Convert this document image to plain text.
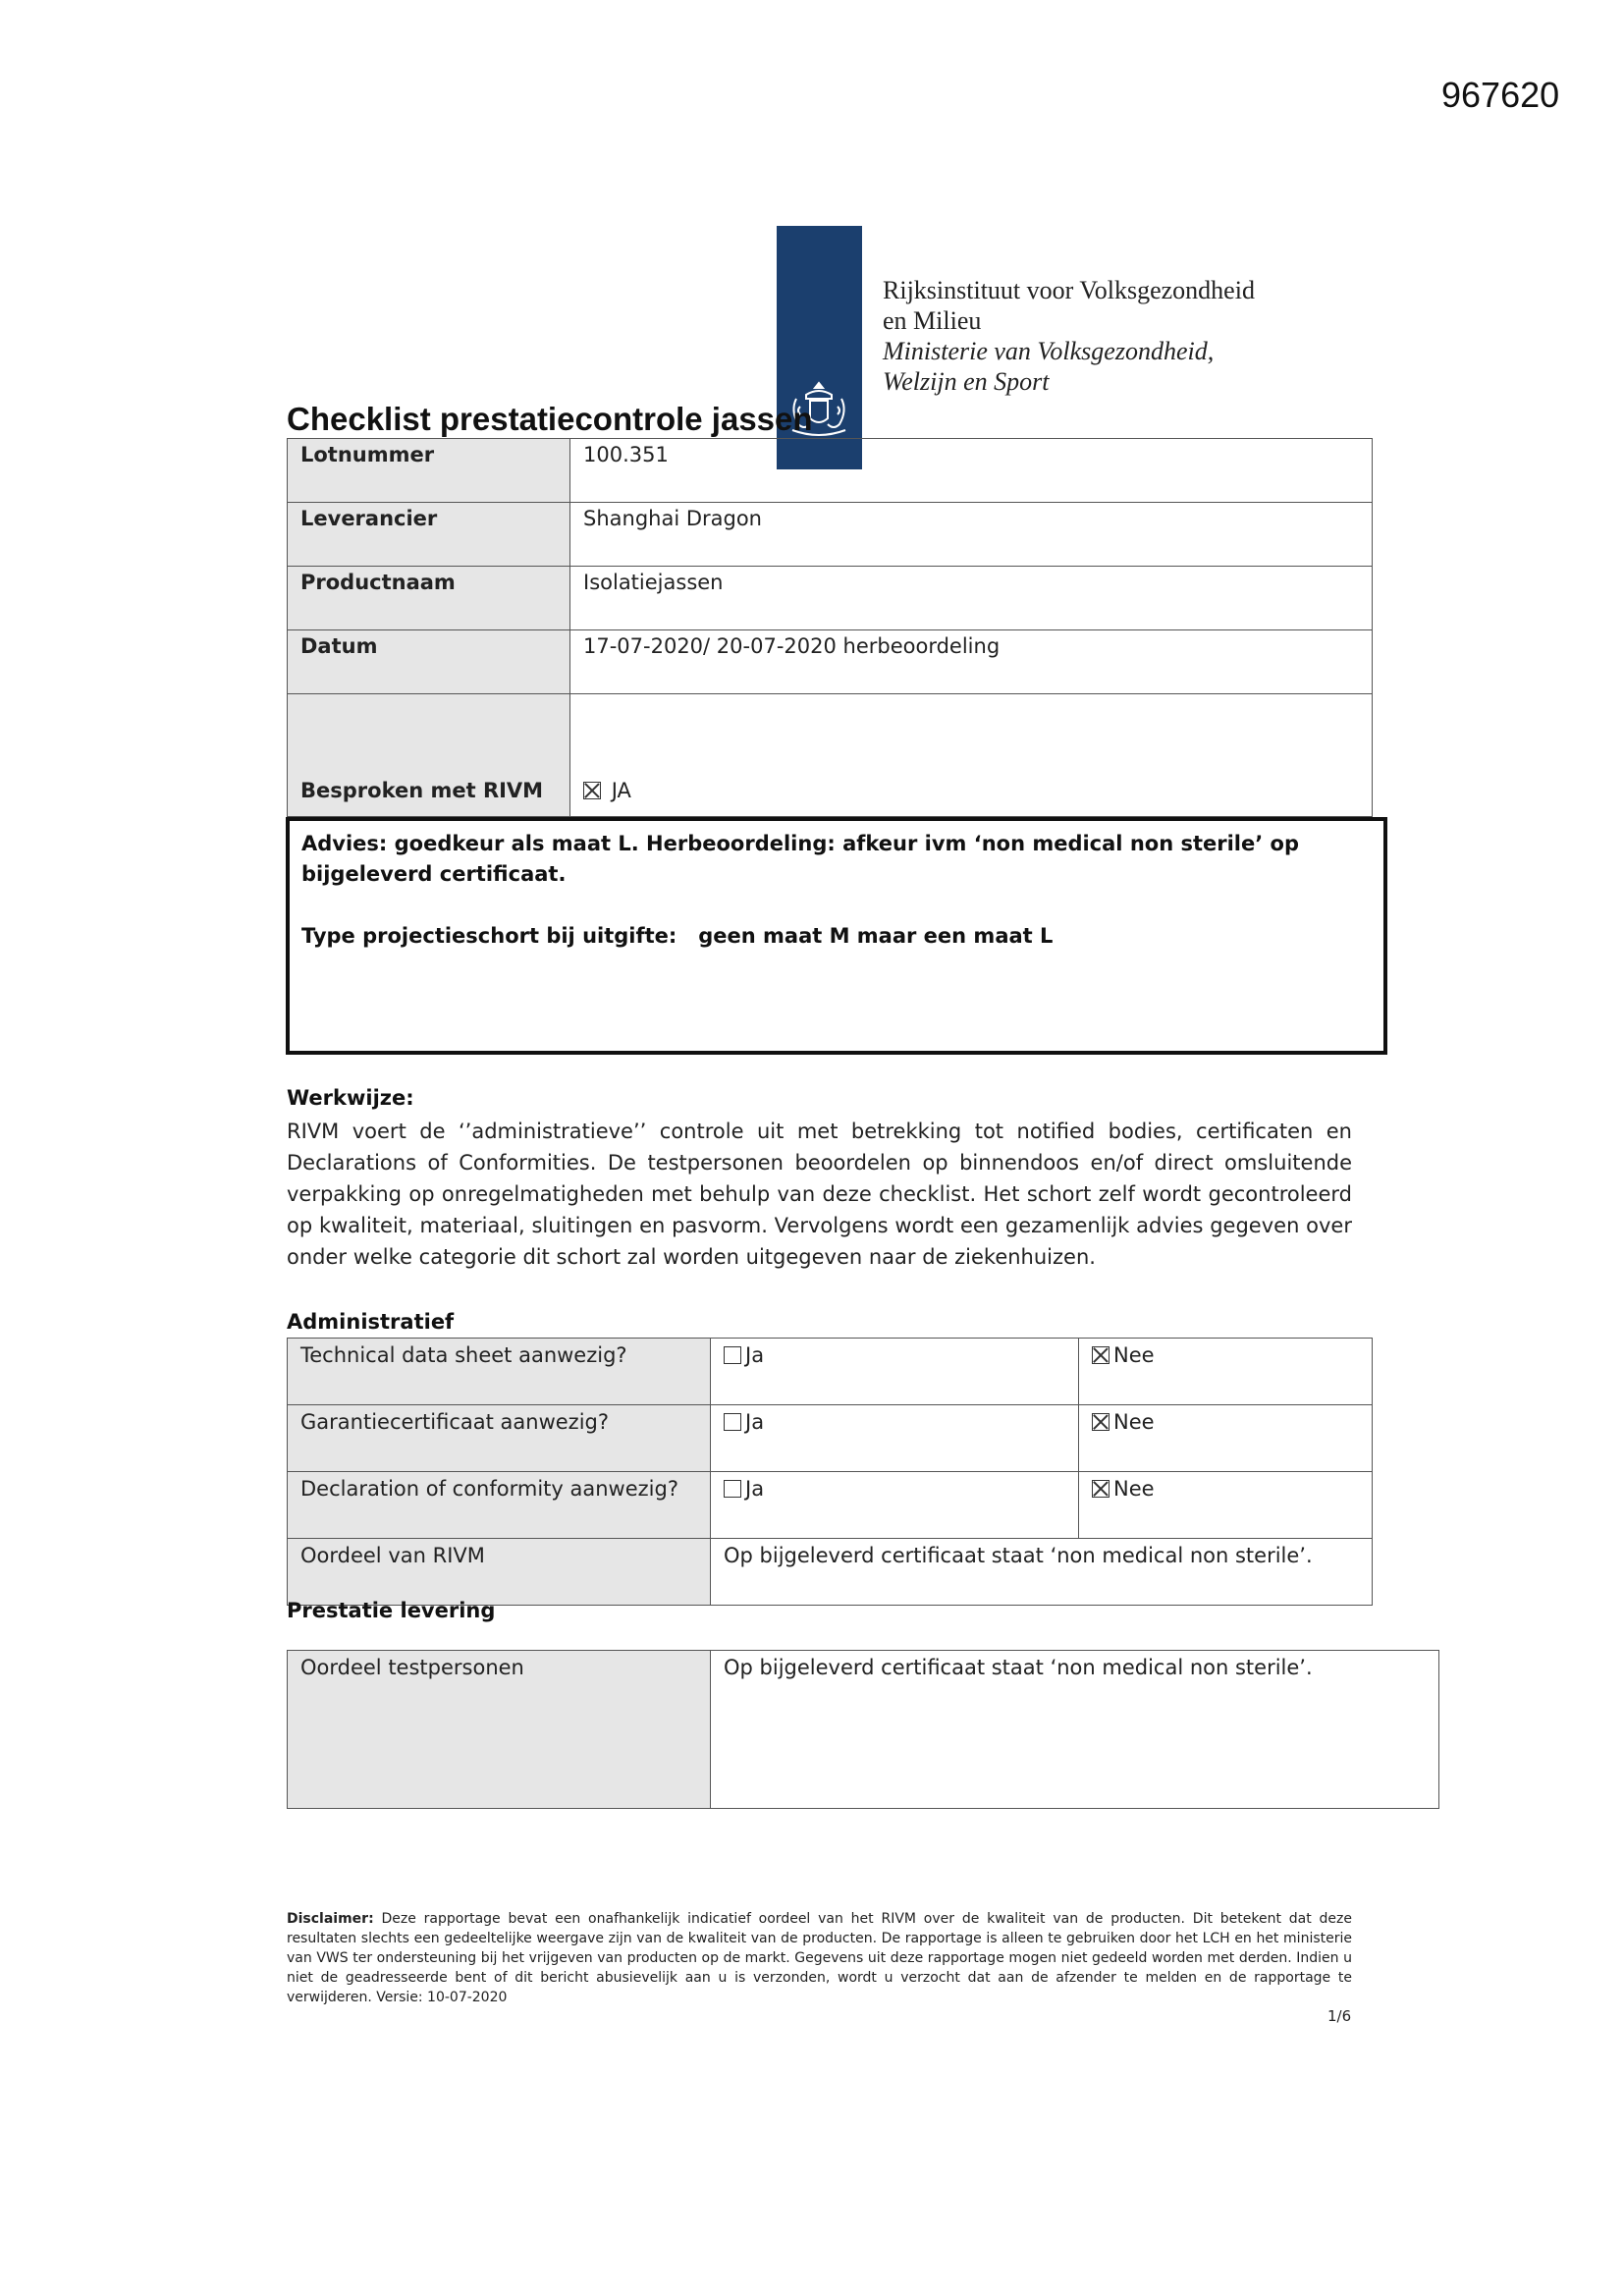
967620
Rijksinstituut voor Volksgezondheid
en Milieu
Ministerie van Volksgezondheid,
Welzijn en Sport
Checklist prestatiecontrole jassen
Lotnummer	100.351
Leverancier	Shanghai Dragon
Productnaam	Isolatiejassen
Datum	17-07-2020/ 20-07-2020 herbeoordeling
Besproken met RIVM	JA
Advies: goedkeur als maat L. Herbeoordeling: afkeur ivm ‘non medical non sterile’ op bijgeleverd certificaat.
Type projectieschort bij uitgifte: geen maat M maar een maat L
Werkwijze:
RIVM voert de ‘’administratieve’’ controle uit met betrekking tot notified bodies, certificaten en Declarations of Conformities. De testpersonen beoordelen op binnendoos en/of direct omsluitende verpakking op onregelmatigheden met behulp van deze checklist. Het schort zelf wordt gecontroleerd op kwaliteit, materiaal, sluitingen en pasvorm. Vervolgens wordt een gezamenlijk advies gegeven over onder welke categorie dit schort zal worden uitgegeven naar de ziekenhuizen.
Administratief
Technical data sheet aanwezig?	Ja	Nee
Garantiecertificaat aanwezig?	Ja	Nee
Declaration of conformity aanwezig?	Ja	Nee
Oordeel van RIVM	Op bijgeleverd certificaat staat ‘non medical non sterile’.	
Prestatie levering
Oordeel testpersonen	Op bijgeleverd certificaat staat ‘non medical non sterile’.
Disclaimer: Deze rapportage bevat een onafhankelijk indicatief oordeel van het RIVM over de kwaliteit van de producten. Dit betekent dat deze resultaten slechts een gedeeltelijke weergave zijn van de kwaliteit van de producten. De rapportage is alleen te gebruiken door het LCH en het ministerie van VWS ter ondersteuning bij het vrijgeven van producten op de markt. Gegevens uit deze rapportage mogen niet gedeeld worden met derden. Indien u niet de geadresseerde bent of dit bericht abusievelijk aan u is verzonden, wordt u verzocht dat aan de afzender te melden en de rapportage te verwijderen. Versie: 10-07-2020
1/6
